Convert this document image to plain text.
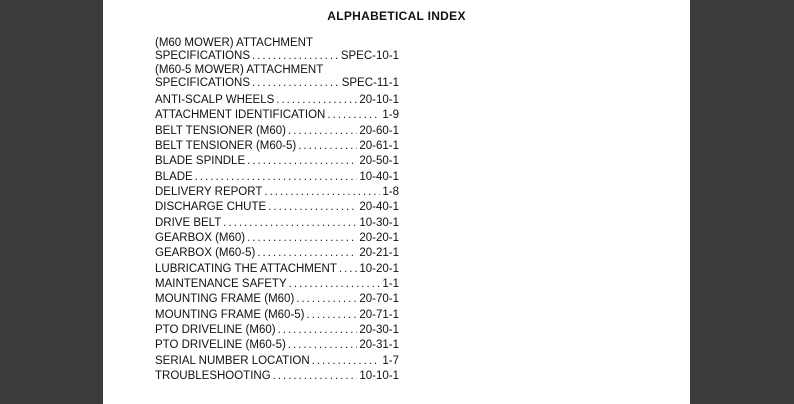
ALPHABETICAL INDEX
(M60 MOWER) ATTACHMENT
SPECIFICATIONS . . .	SPEC-10-1
(M60-5 MOWER) ATTACHMENT
SPECIFICATIONS . . .	SPEC-11-1
ANTI-SCALP WHEELS . . .	20-10-1
ATTACHMENT IDENTIFICATION . . .	1-9
BELT TENSIONER (M60) . . .	20-60-1
BELT TENSIONER (M60-5) . . .	20-61-1
BLADE SPINDLE . . .	20-50-1
BLADE . . .	10-40-1
DELIVERY REPORT . . .	1-8
DISCHARGE CHUTE . . .	20-40-1
DRIVE BELT . . .	10-30-1
GEARBOX (M60) . . .	20-20-1
GEARBOX (M60-5) . . .	20-21-1
LUBRICATING THE ATTACHMENT . . . 10-20-1
MAINTENANCE SAFETY . . .	1-1
MOUNTING FRAME (M60) . . .	20-70-1
MOUNTING FRAME (M60-5) . . .	20-71-1
PTO DRIVELINE (M60) . . .	20-30-1
PTO DRIVELINE (M60-5) . . .	20-31-1
SERIAL NUMBER LOCATION . . .	1-7
TROUBLESHOOTING . . .	10-10-1
